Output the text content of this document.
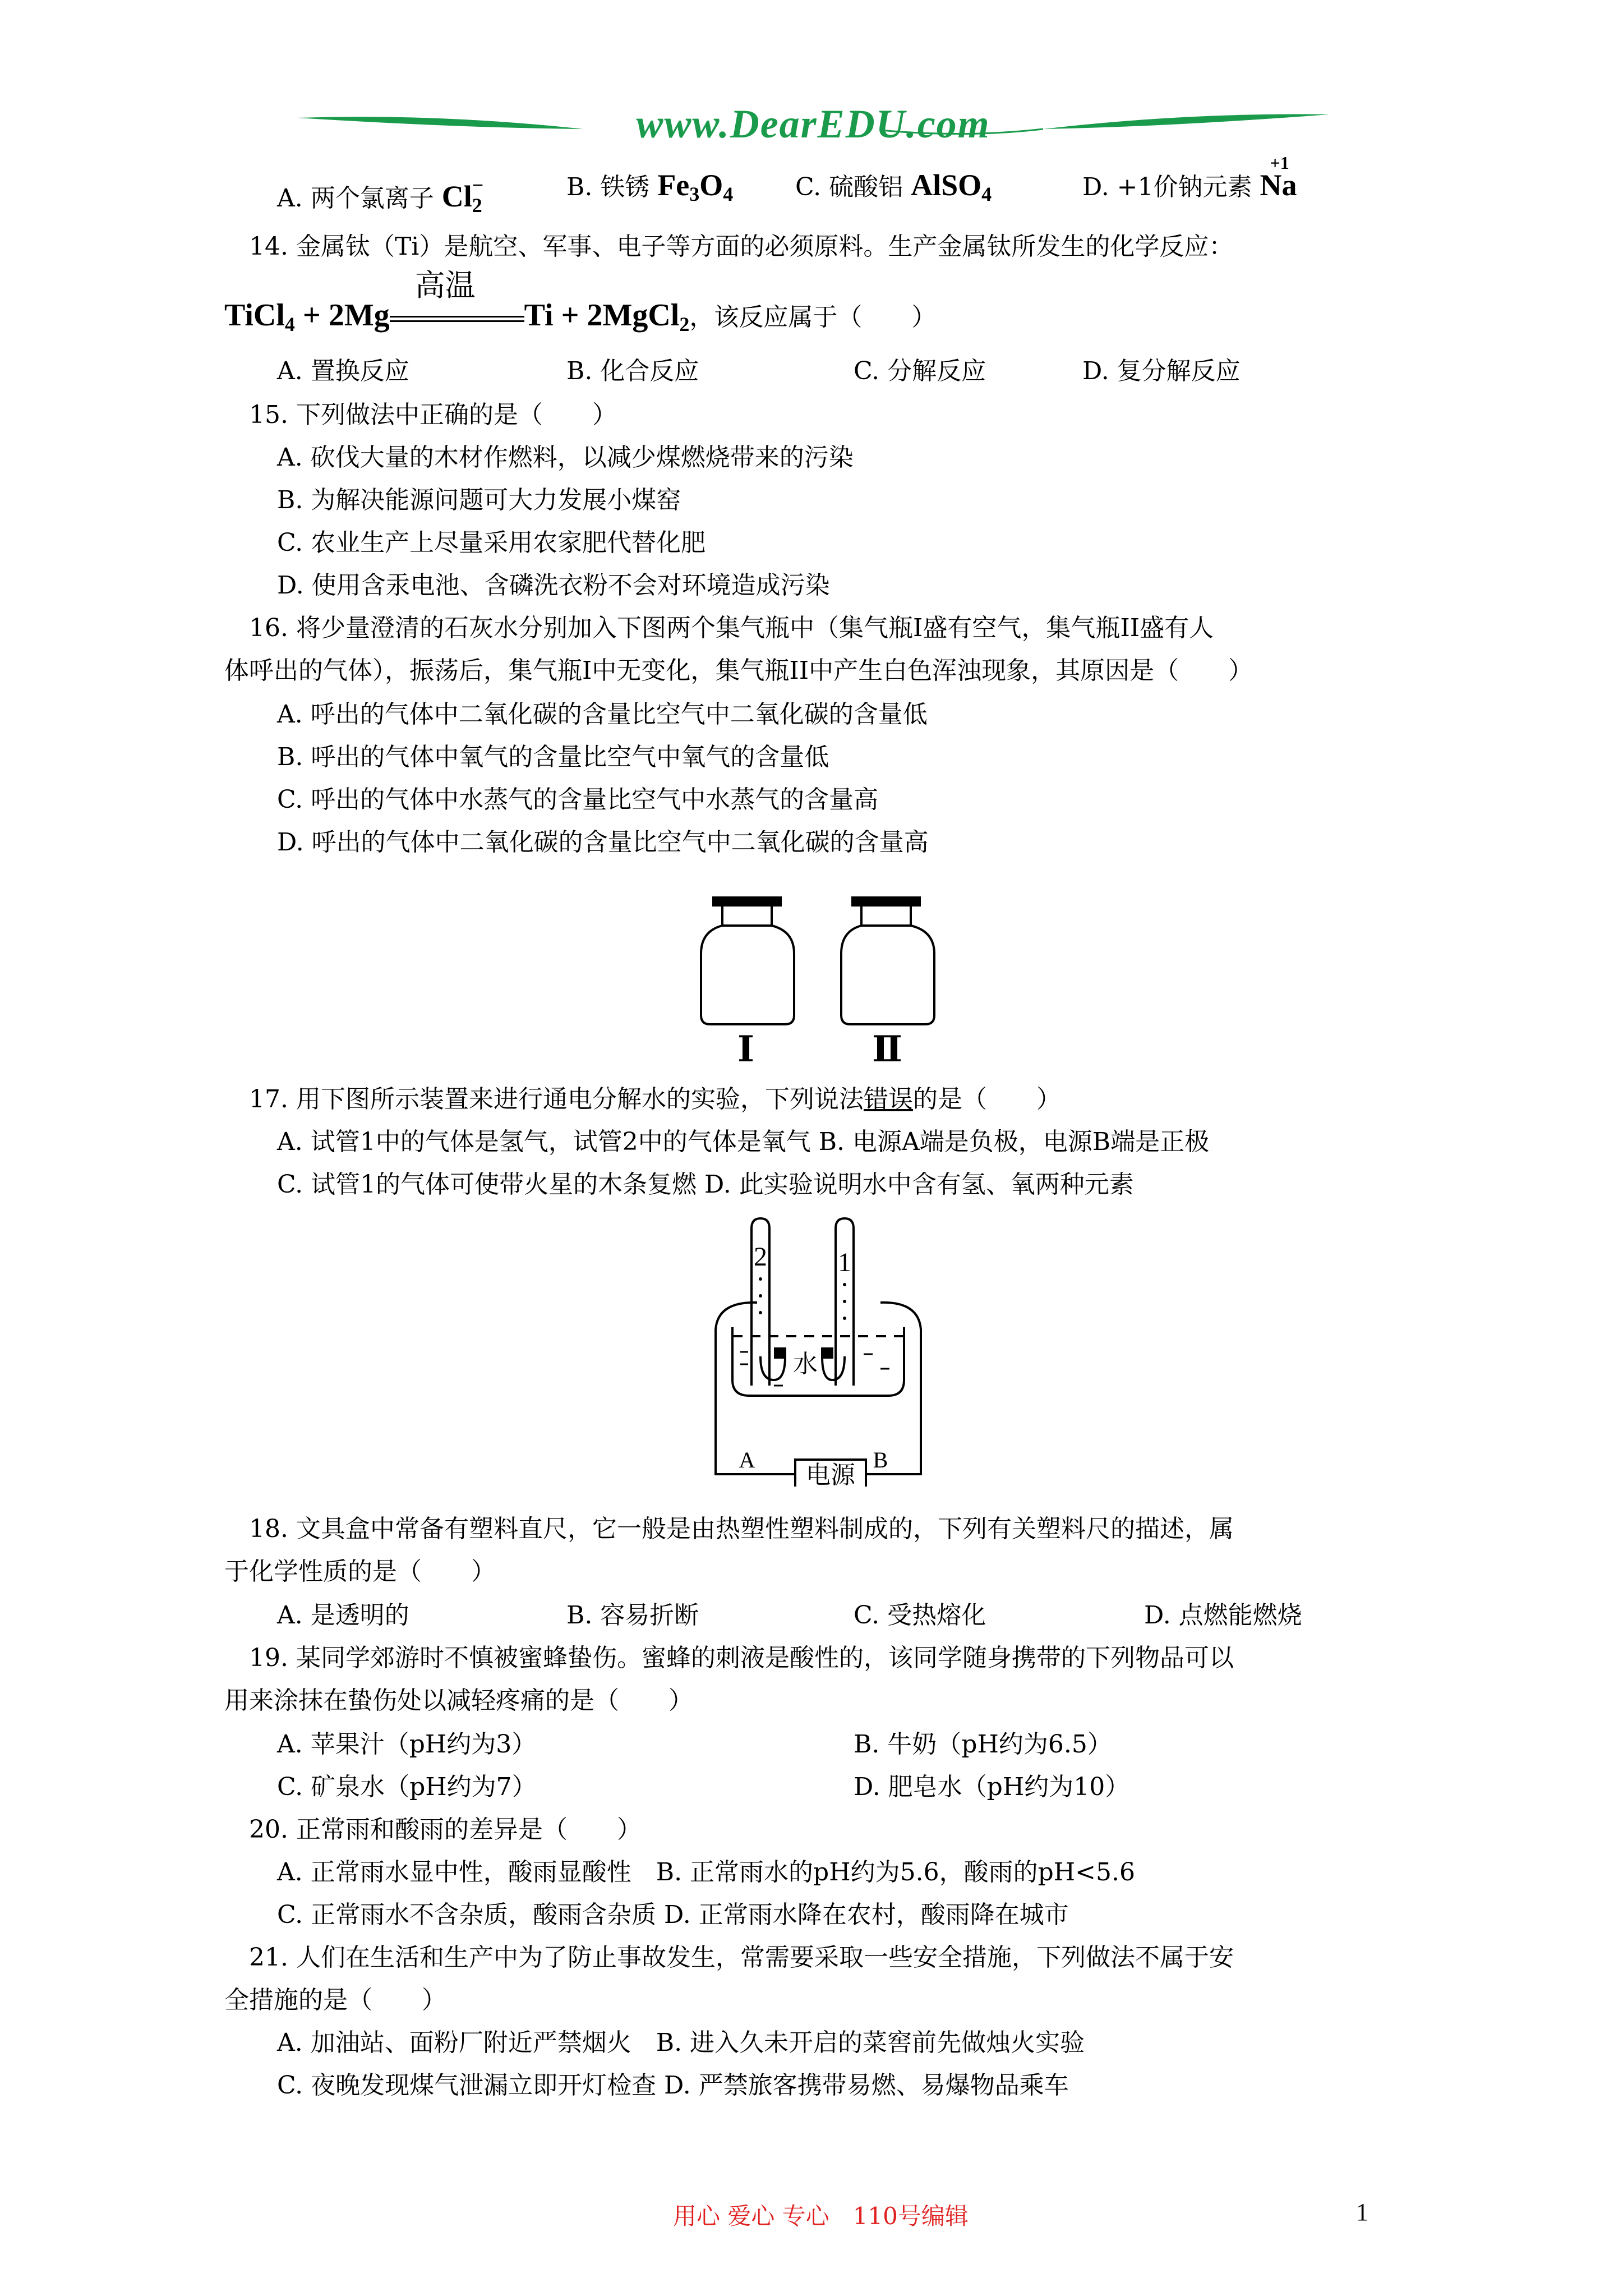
www.DearEDU.com
A. 两个氯离子 $Cl_2^-$	B. 铁锈 $Fe_3O_4$	C. 硫酸铝 AlSO$_4$	D. +1价钠元素 Na
+1
14. 金属钛（Ti）是航空、军事、电子等方面的必须原料。生产金属钛所发生的化学反应：
TiCl$_4$ + 2Mg
高温
Ti + 2MgCl$_2$，该反应属于（　　）
A. 置换反应	B. 化合反应	C. 分解反应	D. 复分解反应
15. 下列做法中正确的是（　　）
A. 砍伐大量的木材作燃料，以减少煤燃烧带来的污染
B. 为解决能源问题可大力发展小煤窑
C. 农业生产上尽量采用农家肥代替化肥
D. 使用含汞电池、含磷洗衣粉不会对环境造成污染
16. 将少量澄清的石灰水分别加入下图两个集气瓶中（集气瓶Ⅰ盛有空气，集气瓶II盛有人
体呼出的气体），振荡后，集气瓶Ⅰ中无变化，集气瓶II中产生白色浑浊现象，其原因是（　　）
A. 呼出的气体中二氧化碳的含量比空气中二氧化碳的含量低
B. 呼出的气体中氧气的含量比空气中氧气的含量低
C. 呼出的气体中水蒸气的含量比空气中水蒸气的含量高
D. 呼出的气体中二氧化碳的含量比空气中二氧化碳的含量高
Ⅰ	Ⅱ
17. 用下图所示装置来进行通电分解水的实验，下列说法错误的是（　　）
A. 试管1中的气体是氢气，试管2中的气体是氧气 B. 电源A端是负极，电源B端是正极
C. 试管1的气体可使带火星的木条复燃 D. 此实验说明水中含有氢、氧两种元素
2	1
水
电源
A	B
18. 文具盒中常备有塑料直尺，它一般是由热塑性塑料制成的，下列有关塑料尺的描述，属
于化学性质的是（　　）
A. 是透明的	B. 容易折断	C. 受热熔化	D. 点燃能燃烧
19. 某同学郊游时不慎被蜜蜂蛰伤。蜜蜂的刺液是酸性的，该同学随身携带的下列物品可以
用来涂抹在蛰伤处以减轻疼痛的是（　　）
A. 苹果汁（pH约为3）	B. 牛奶（pH约为6.5）
C. 矿泉水（pH约为7）	D. 肥皂水（pH约为10）
20. 正常雨和酸雨的差异是（　　）
A. 正常雨水显中性，酸雨显酸性　B. 正常雨水的pH约为5.6，酸雨的pH<5.6
C. 正常雨水不含杂质，酸雨含杂质 D. 正常雨水降在农村，酸雨降在城市
21. 人们在生活和生产中为了防止事故发生，常需要采取一些安全措施，下列做法不属于安
全措施的是（　　）
A. 加油站、面粉厂附近严禁烟火　B. 进入久未开启的菜窖前先做烛火实验
C. 夜晚发现煤气泄漏立即开灯检查 D. 严禁旅客携带易燃、易爆物品乘车
用心 爱心 专心　110号编辑	1
